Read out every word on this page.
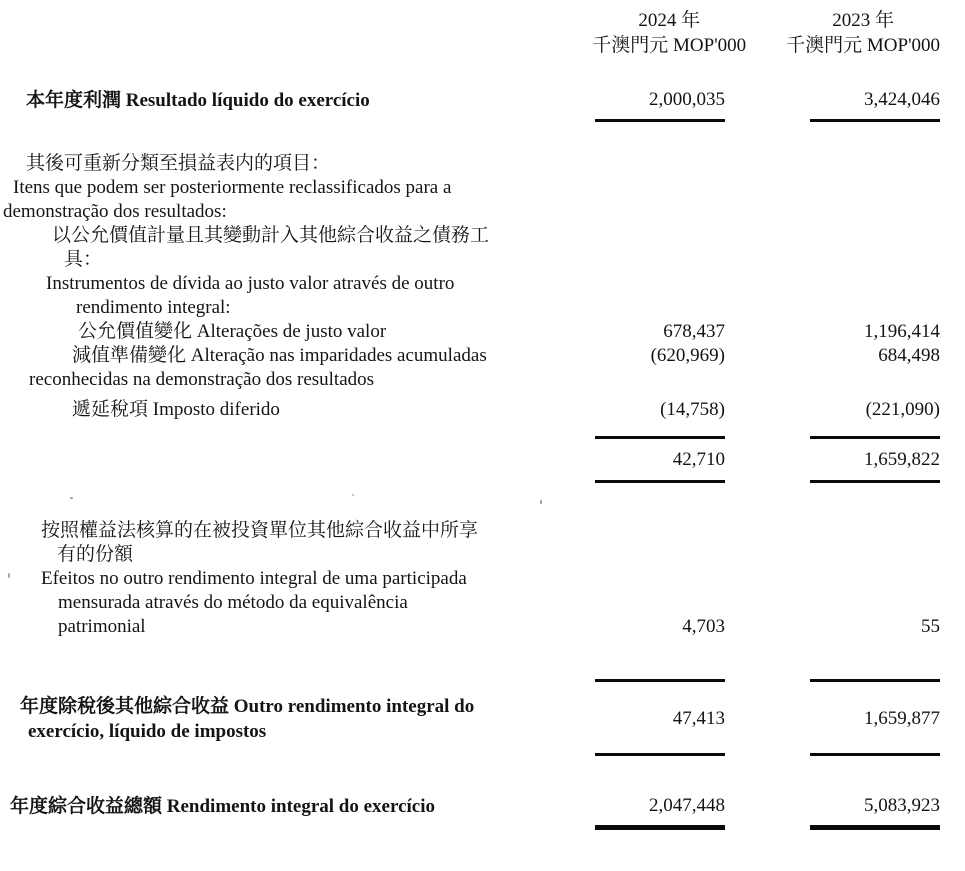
2024 年
千澳門元 MOP'000
2023 年
千澳門元 MOP'000
本年度利潤 Resultado líquido do exercício	2,000,035	3,424,046
其後可重新分類至損益表内的項目：
Itens que podem ser posteriormente reclassificados para a
demonstração dos resultados:
以公允價值計量且其變動計入其他綜合收益之債務工
具：
Instrumentos de dívida ao justo valor através de outro
rendimento integral:
公允價值變化 Alterações de justo valor	678,437	1,196,414
減值準備變化 Alteração nas imparidades acumuladas
reconhecidas na demonstração dos resultados
(620,969)	684,498
遞延稅項 Imposto diferido	(14,758)	(221,090)
42,710	1,659,822
按照權益法核算的在被投資單位其他綜合收益中所享
有的份額
Efeitos no outro rendimento integral de uma participada
mensurada através do método da equivalência
patrimonial	4,703	55
年度除稅後其他綜合收益 Outro rendimento integral do
exercício, líquido de impostos
47,413	1,659,877
年度綜合收益總額 Rendimento integral do exercício	2,047,448	5,083,923
